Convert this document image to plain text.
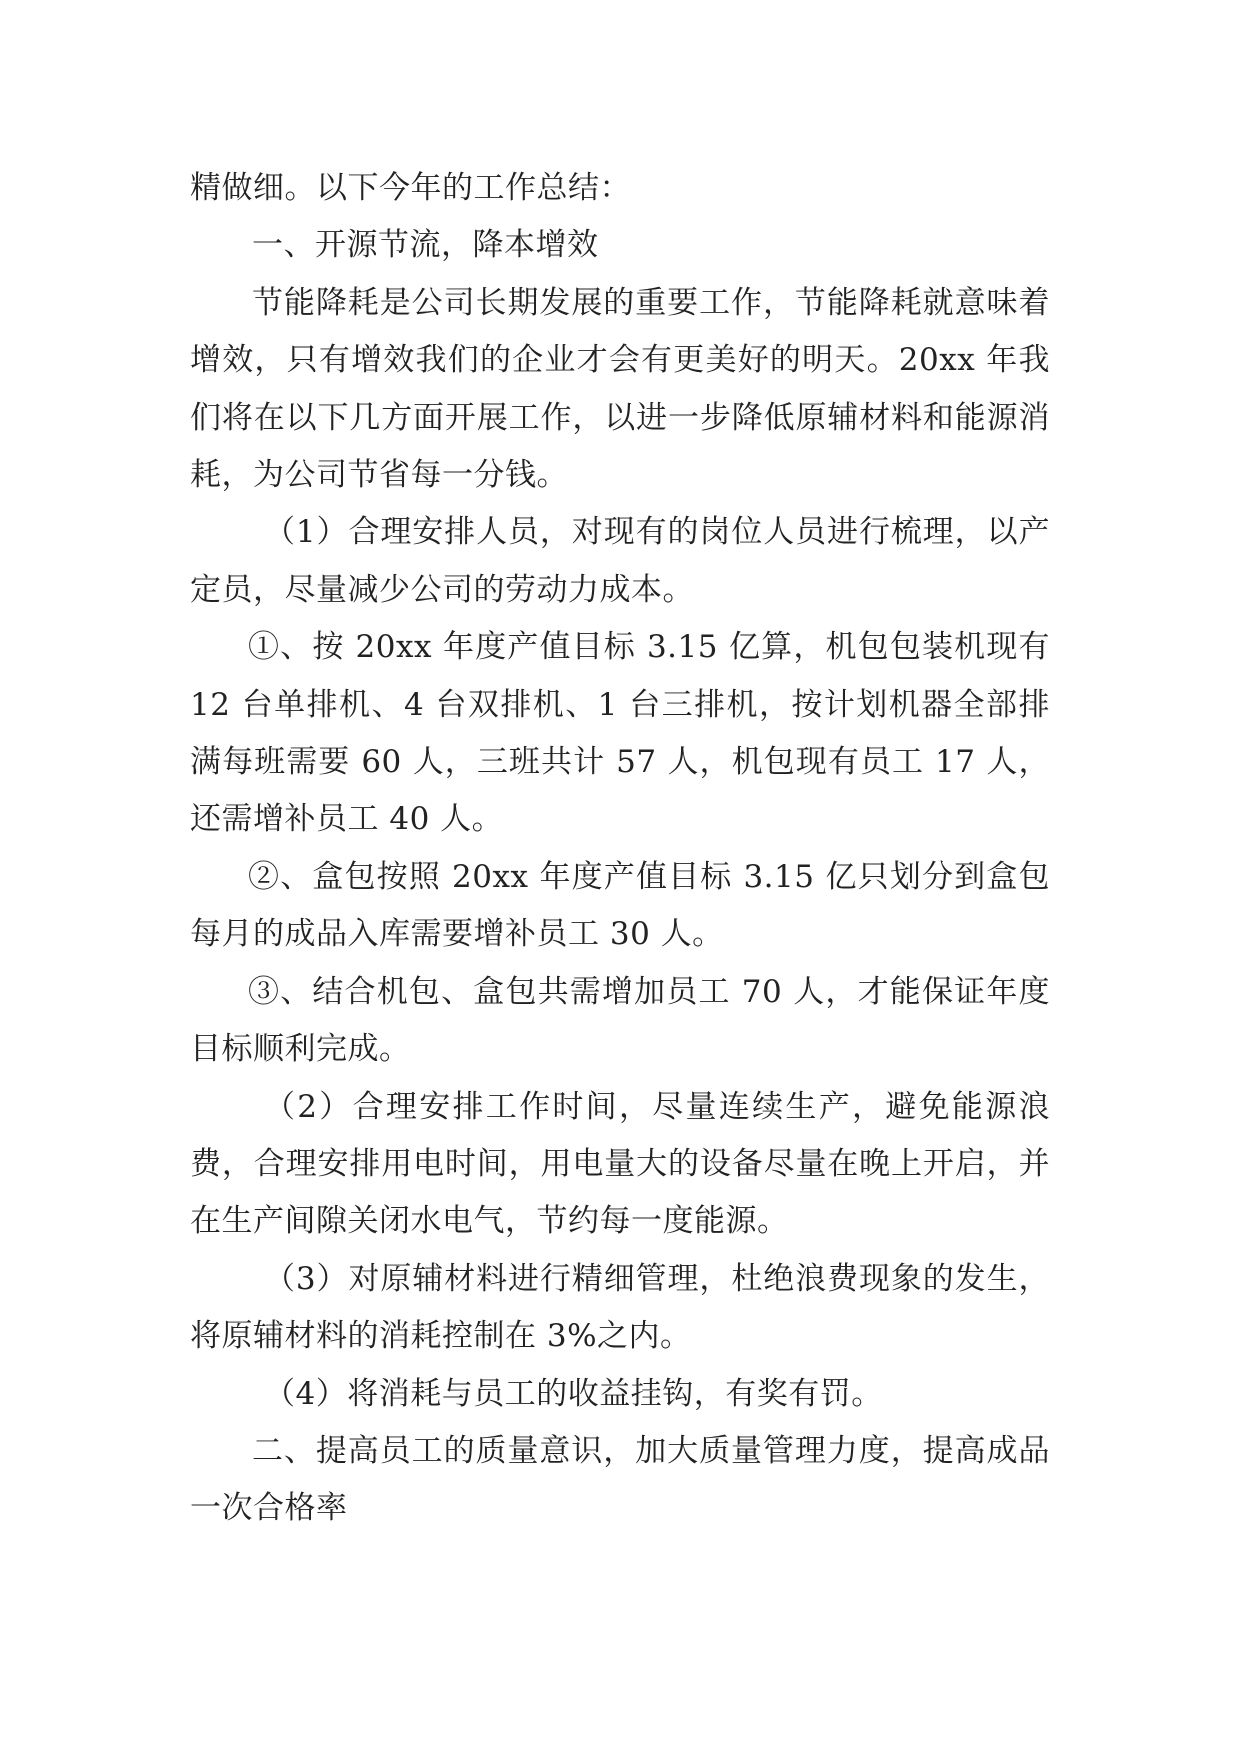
精做细。以下今年的工作总结：

一、开源节流，降本增效

节能降耗是公司长期发展的重要工作，节能降耗就意味着增效，只有增效我们的企业才会有更美好的明天。20xx 年我们将在以下几方面开展工作，以进一步降低原辅材料和能源消耗，为公司节省每一分钱。

（1）合理安排人员，对现有的岗位人员进行梳理，以产定员，尽量减少公司的劳动力成本。

①、按 20xx 年度产值目标 3.15 亿算，机包包装机现有 12 台单排机、4 台双排机、1 台三排机，按计划机器全部排满每班需要 60 人，三班共计 57 人，机包现有员工 17 人，还需增补员工 40 人。

②、盒包按照 20xx 年度产值目标 3.15 亿只划分到盒包每月的成品入库需要增补员工 30 人。

③、结合机包、盒包共需增加员工 70 人，才能保证年度目标顺利完成。

（2）合理安排工作时间，尽量连续生产，避免能源浪费，合理安排用电时间，用电量大的设备尽量在晚上开启，并在生产间隙关闭水电气，节约每一度能源。

（3）对原辅材料进行精细管理，杜绝浪费现象的发生，将原辅材料的消耗控制在 3%之内。

（4）将消耗与员工的收益挂钩，有奖有罚。

二、提高员工的质量意识，加大质量管理力度，提高成品一次合格率
